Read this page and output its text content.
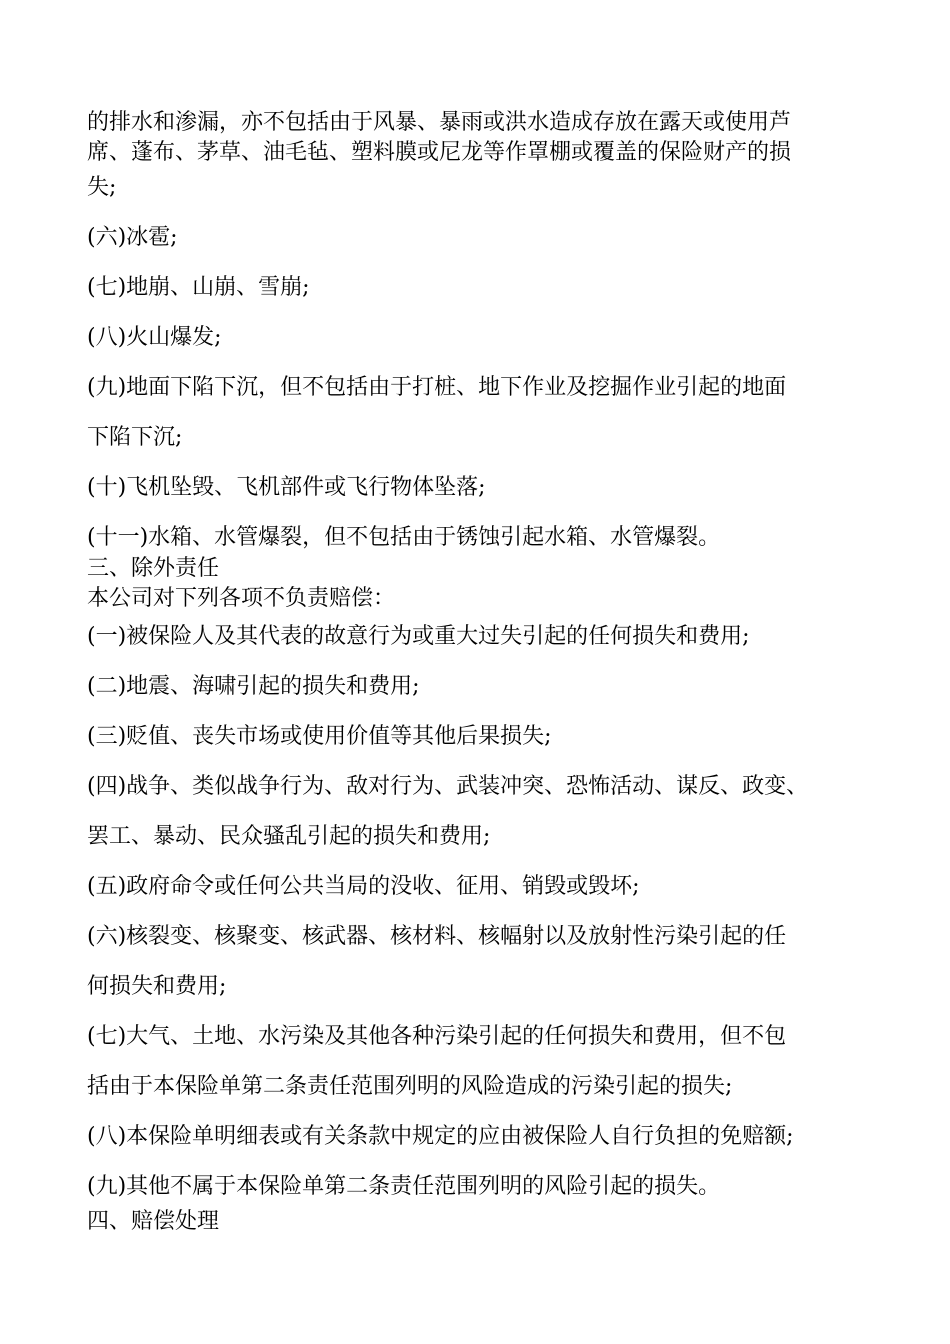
的排水和渗漏，亦不包括由于风暴、暴雨或洪水造成存放在露天或使用芦
席、蓬布、茅草、油毛毡、塑料膜或尼龙等作罩棚或覆盖的保险财产的损
失;
(六)冰雹;
(七)地崩、山崩、雪崩;
(八)火山爆发;
(九)地面下陷下沉，但不包括由于打桩、地下作业及挖掘作业引起的地面
下陷下沉;
(十)飞机坠毁、飞机部件或飞行物体坠落;
(十一)水箱、水管爆裂，但不包括由于锈蚀引起水箱、水管爆裂。
三、除外责任
本公司对下列各项不负责赔偿：
(一)被保险人及其代表的故意行为或重大过失引起的任何损失和费用;
(二)地震、海啸引起的损失和费用;
(三)贬值、丧失市场或使用价值等其他后果损失;
(四)战争、类似战争行为、敌对行为、武装冲突、恐怖活动、谋反、政变、
罢工、暴动、民众骚乱引起的损失和费用;
(五)政府命令或任何公共当局的没收、征用、销毁或毁坏;
(六)核裂变、核聚变、核武器、核材料、核幅射以及放射性污染引起的任
何损失和费用;
(七)大气、土地、水污染及其他各种污染引起的任何损失和费用，但不包
括由于本保险单第二条责任范围列明的风险造成的污染引起的损失;
(八)本保险单明细表或有关条款中规定的应由被保险人自行负担的免赔额;
(九)其他不属于本保险单第二条责任范围列明的风险引起的损失。
四、赔偿处理
